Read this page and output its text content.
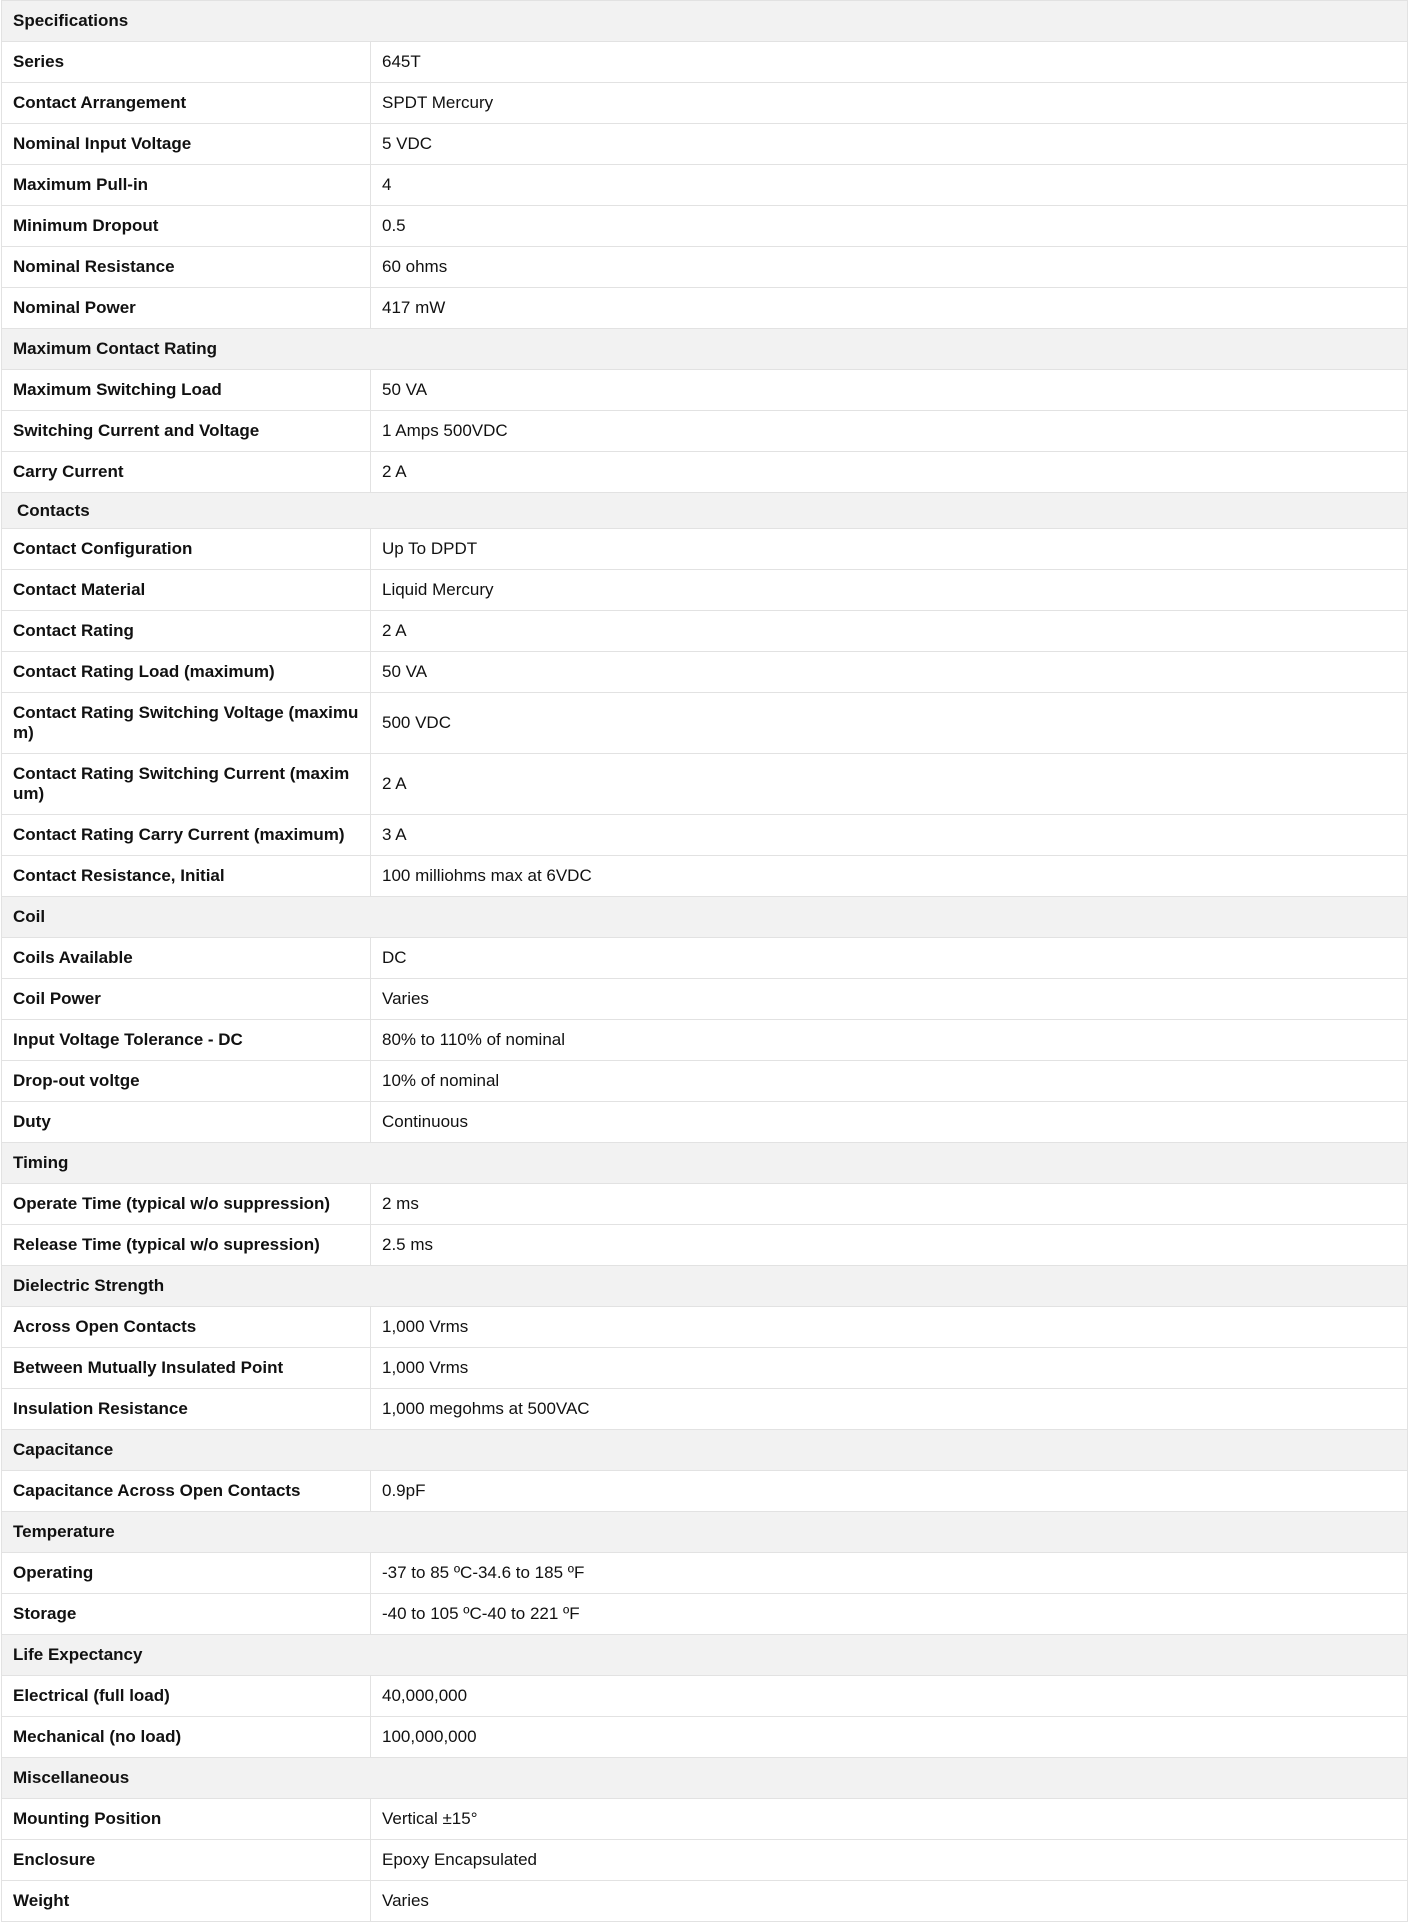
Specifications	
Series	645T
Contact Arrangement	SPDT Mercury
Nominal Input Voltage	5 VDC
Maximum Pull-in	4
Minimum Dropout	0.5
Nominal Resistance	60 ohms
Nominal Power	417 mW
Maximum Contact Rating	
Maximum Switching Load	50 VA
Switching Current and Voltage	1 Amps 500VDC
Carry Current	2 A
Contacts	
Contact Configuration	Up To DPDT
Contact Material	Liquid Mercury
Contact Rating	2 A
Contact Rating Load (maximum)	50 VA
Contact Rating Switching Voltage (maximum)	500 VDC
Contact Rating Switching Current (maximum)	2 A
Contact Rating Carry Current (maximum)	3 A
Contact Resistance, Initial	100 milliohms max at 6VDC
Coil	
Coils Available	DC
Coil Power	Varies
Input Voltage Tolerance - DC	80% to 110% of nominal
Drop-out voltge	10% of nominal
Duty	Continuous
Timing	
Operate Time (typical w/o suppression)	2 ms
Release Time (typical w/o supression)	2.5 ms
Dielectric Strength	
Across Open Contacts	1,000 Vrms
Between Mutually Insulated Point	1,000 Vrms
Insulation Resistance	1,000 megohms at 500VAC
Capacitance	
Capacitance Across Open Contacts	0.9pF
Temperature	
Operating	-37 to 85 ºC-34.6 to 185 ºF
Storage	-40 to 105 ºC-40 to 221 ºF
Life Expectancy	
Electrical (full load)	40,000,000
Mechanical (no load)	100,000,000
Miscellaneous	
Mounting Position	Vertical ±15°
Enclosure	Epoxy Encapsulated
Weight	Varies
